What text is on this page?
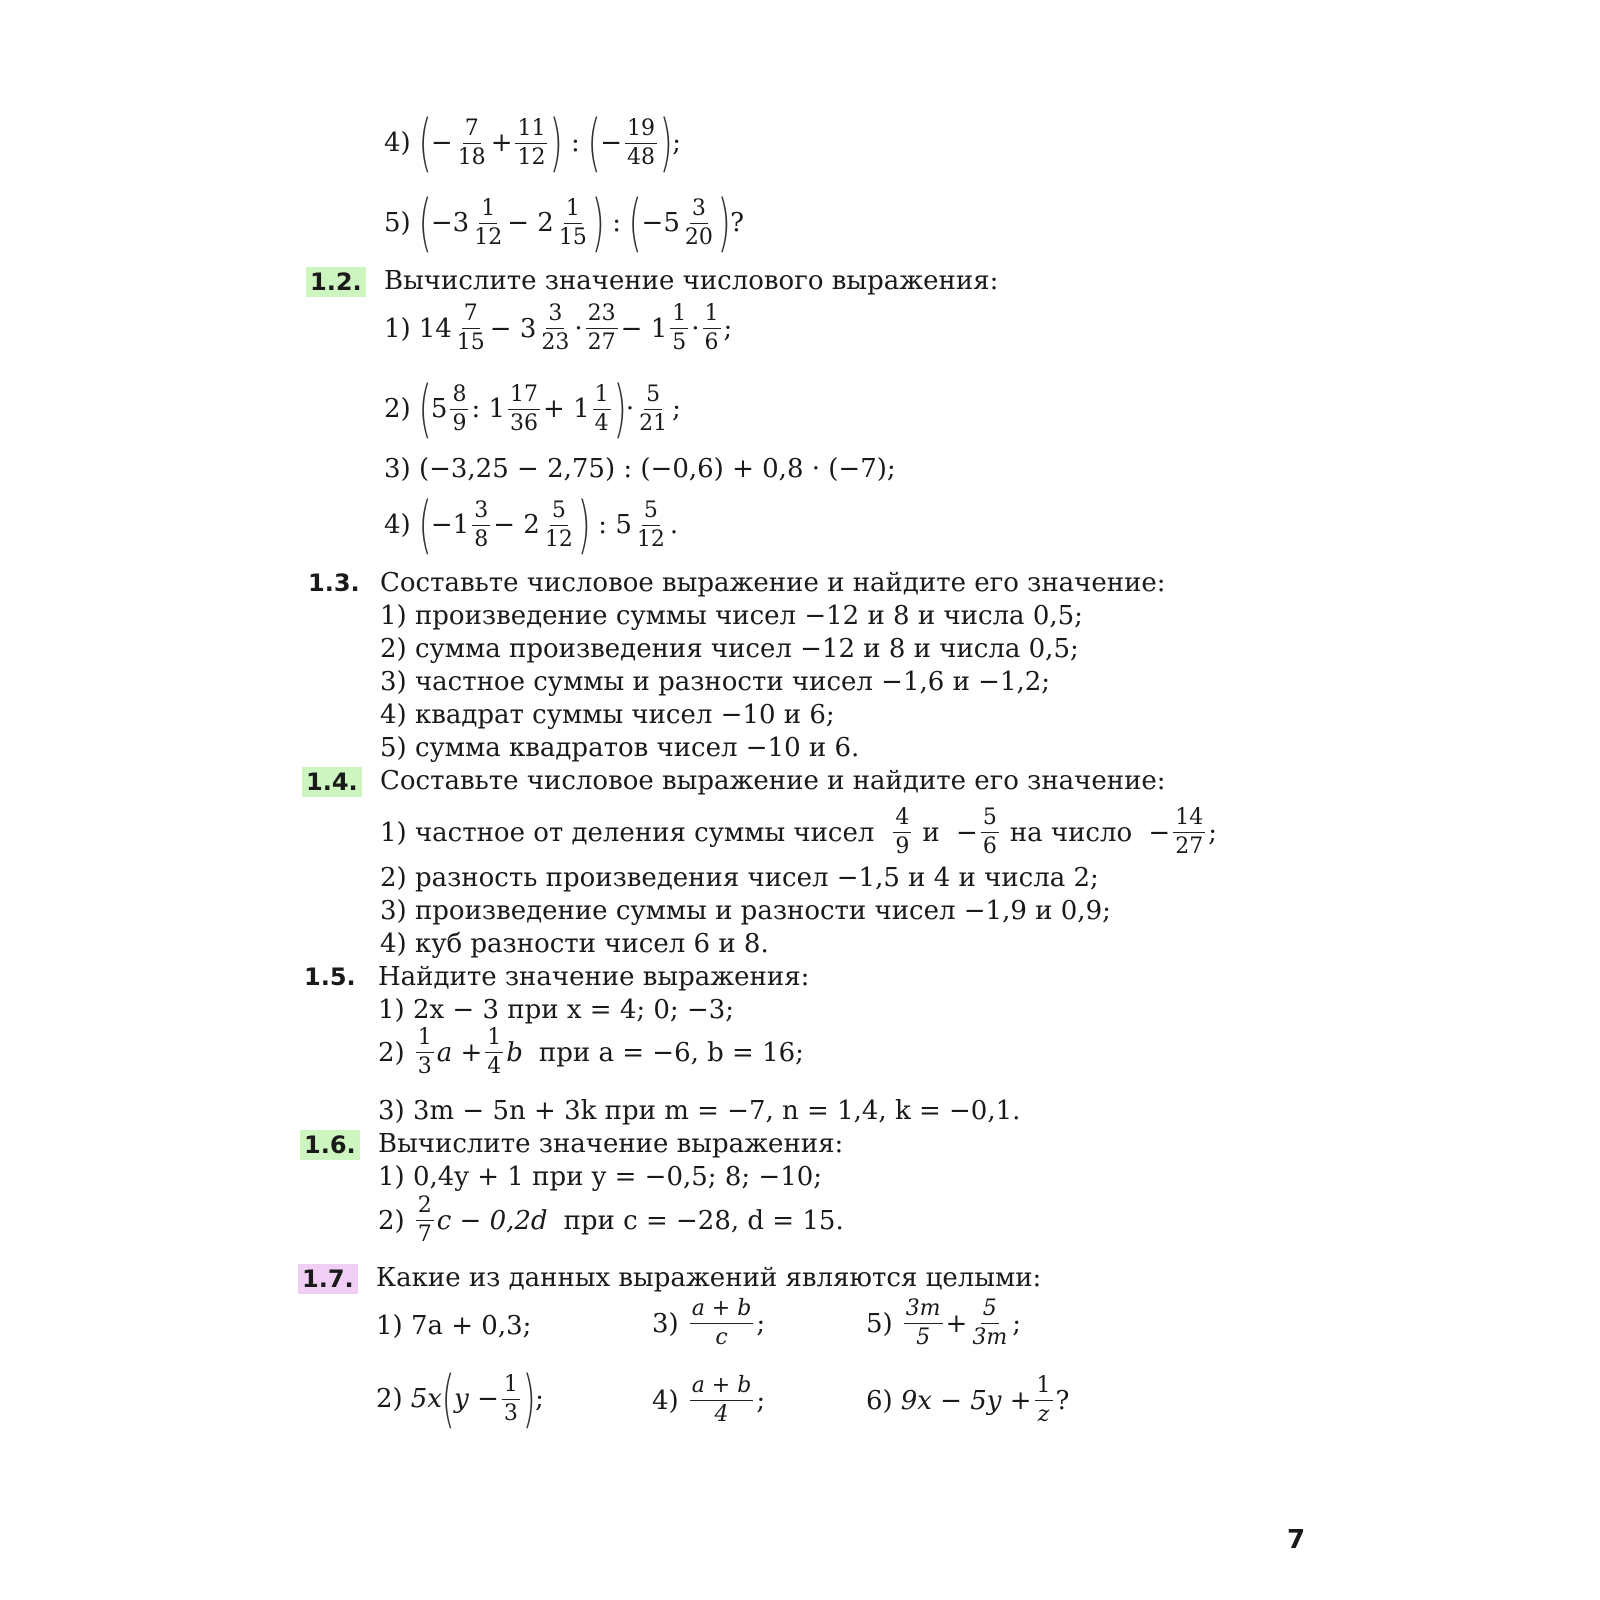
4) ( − $\frac{7}{18} + \frac{11}{12}$ ) : ( − $\frac{19}{48}$ ) ;
5) ( $-3 \frac{1}{12} - 2 \frac{1}{15}$ ) : ( $-5 \frac{3}{20}$ ) ?
1.2. Вычислите значение числового выражения:
1) $14 \frac{7}{15} - 3 \frac{3}{23} \cdot \frac{23}{27} - 1 \frac{1}{5} \cdot \frac{1}{6}$ ;
2) ( $5 \frac{8}{9}$ : $1 \frac{17}{36} + 1 \frac{1}{4}$ ) · $\frac{5}{21}$ ;
3) (−3,25 − 2,75) : (−0,6) + 0,8 · (−7);
4) ( $-1 \frac{3}{8} - 2 \frac{5}{12}$ ) : $5 \frac{5}{12}$ .
1.3. Составьте числовое выражение и найдите его значение:
1) произведение суммы чисел −12 и 8 и числа 0,5;
2) сумма произведения чисел −12 и 8 и числа 0,5;
3) частное суммы и разности чисел −1,6 и −1,2;
4) квадрат суммы чисел −10 и 6;
5) сумма квадратов чисел −10 и 6.
1.4. Составьте числовое выражение и найдите его значение:
1) частное от деления суммы чисел $\frac{4}{9}$ $и - \frac{5}{6}$ на число − $\frac{14}{27}$ ;
2) разность произведения чисел −1,5 и 4 и числа 2;
3) произведение суммы и разности чисел −1,9 и 0,9;
4) куб разности чисел 6 и 8.
1.5. Найдите значение выражения:
1) 2x − 3 при x = 4; 0; −3;
$2) \frac{1}{3}$ $a + \frac{1}{4}$ b при a = −6, b = 16;
3) 3m − 5n + 3k при m = −7, n = 1,4, k = −0,1.
1.6. Вычислите значение выражения:
1) 0,4y + 1 при y = −0,5; 8; −10;
$2) \frac{2}{7}$ c − 0,2d при c = −28, d = 15.
1.7. Какие из данных выражений являются целыми:
1) 7a + 0,3;	$3) \frac{a + b}{c}$ ;	$5) \frac{3m}{5} + \frac{5}{3m}$ ;
2) 5x ( $y - \frac{1}{3}$ ) ;	$4) \frac{a + b}{4}$ ;	6) $9x - 5y + \frac{1}{z}$ ?
7
